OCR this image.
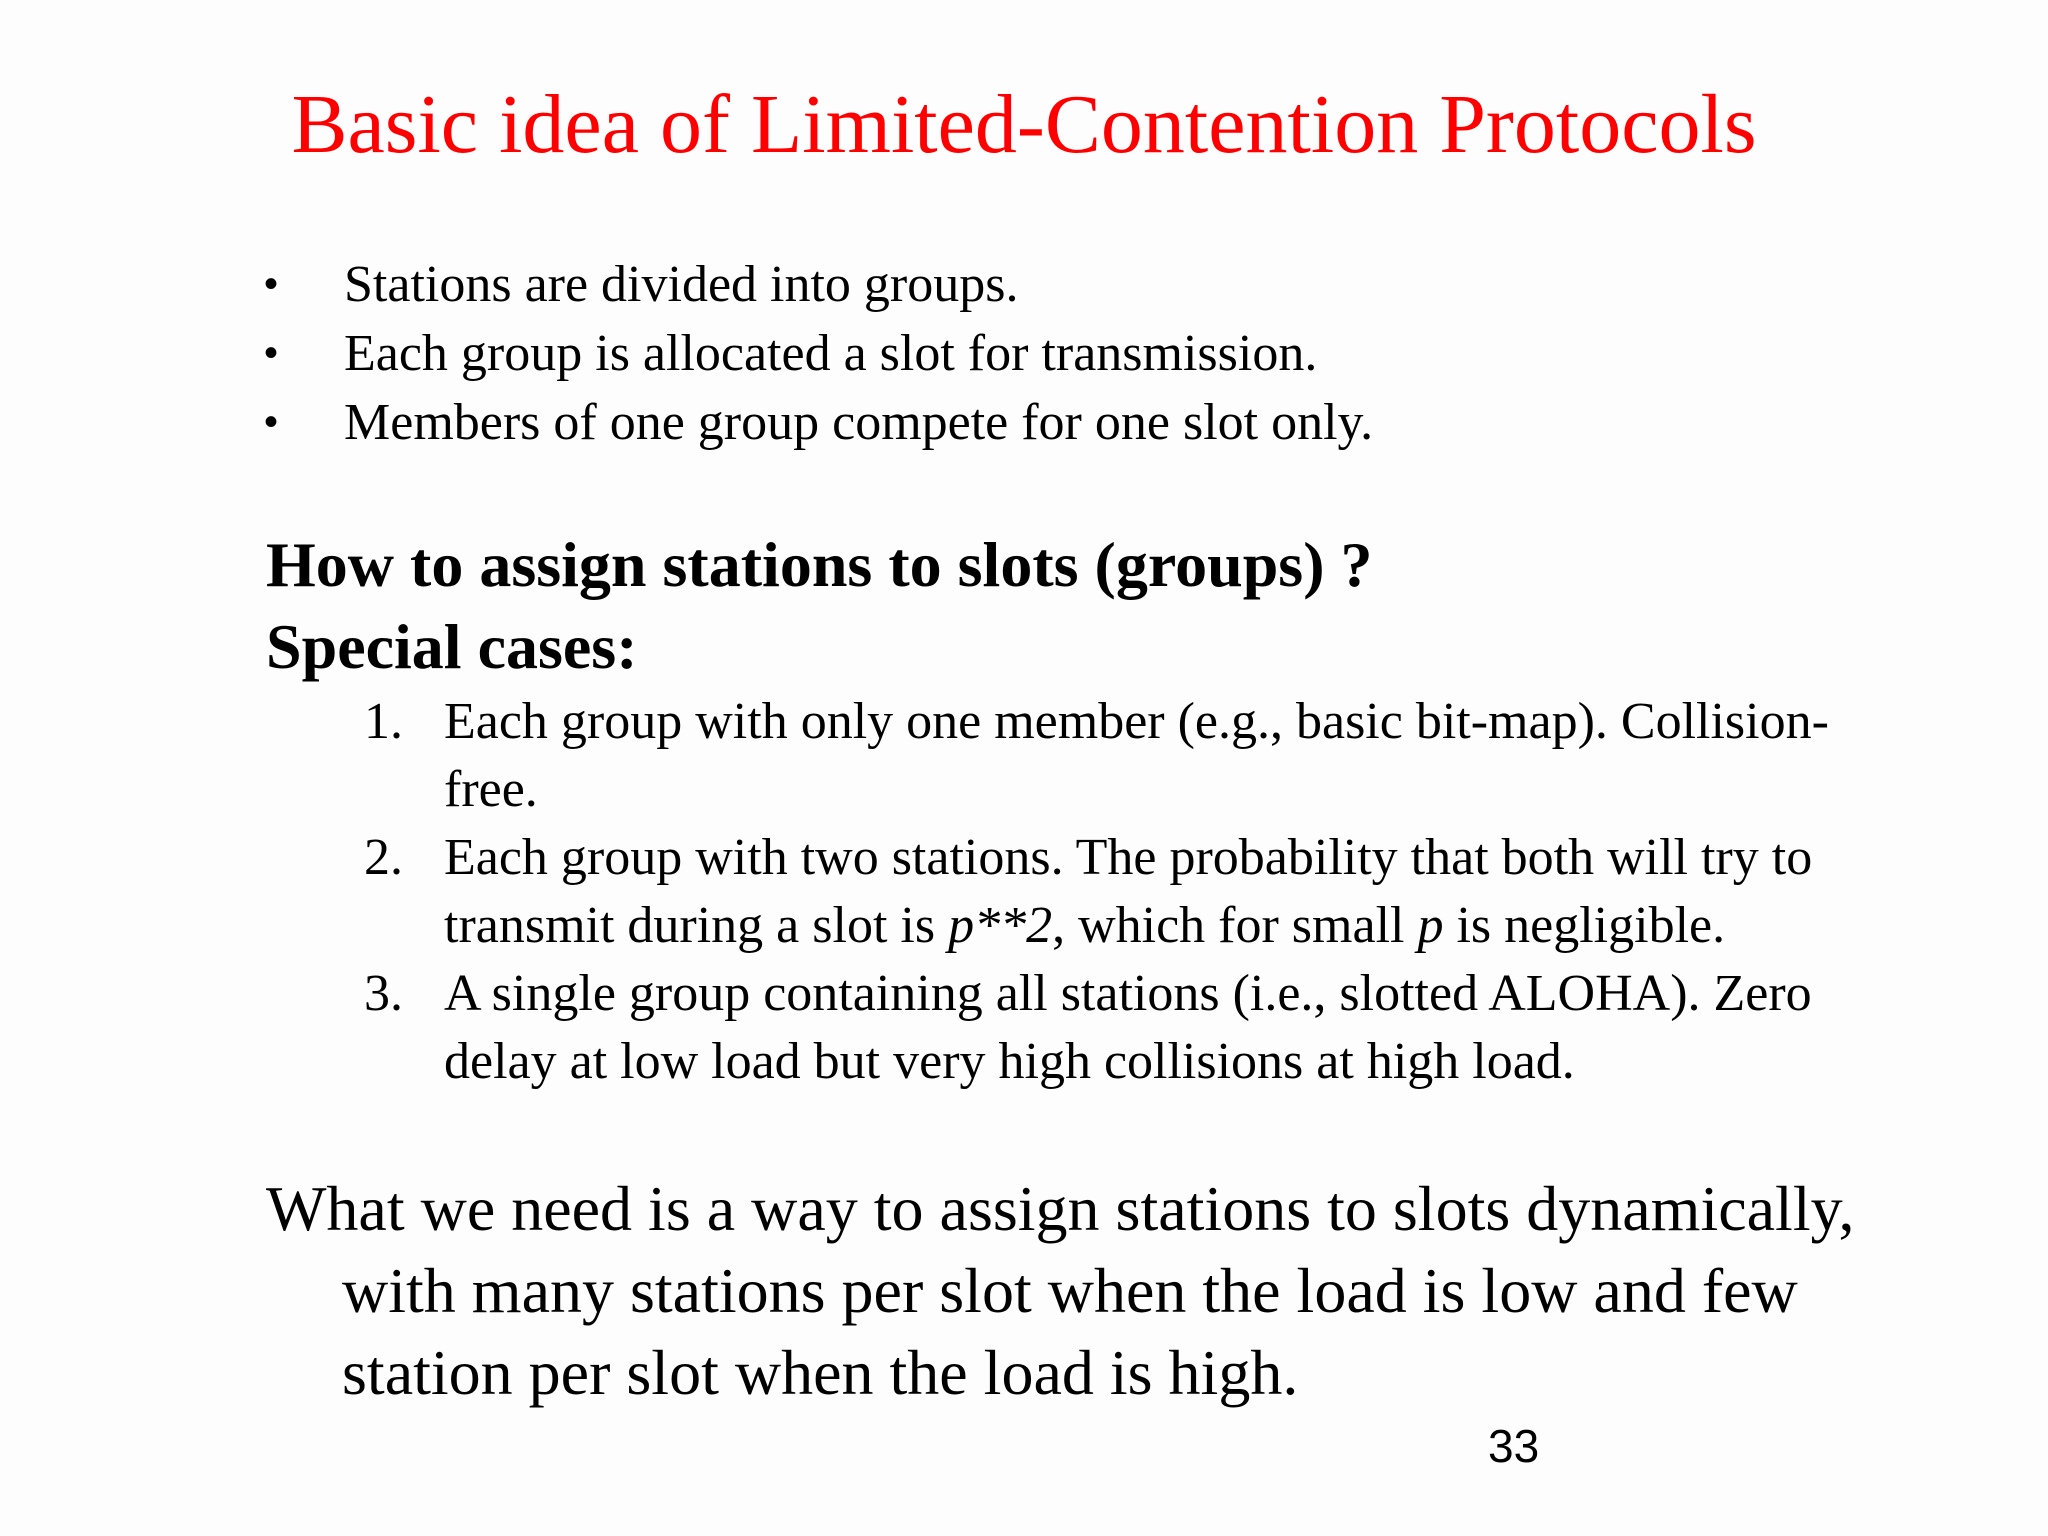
Basic idea of Limited-Contention Protocols
• Stations are divided into groups.
• Each group is allocated a slot for transmission.
• Members of one group compete for one slot only.
How to assign stations to slots (groups) ?
Special cases:
1. Each group with only one member (e.g., basic bit-map). Collision-
free.
2. Each group with two stations. The probability that both will try to
transmit during a slot is p**2, which for small p is negligible.
3. A single group containing all stations (i.e., slotted ALOHA). Zero
delay at low load but very high collisions at high load.
What we need is a way to assign stations to slots dynamically,
with many stations per slot when the load is low and few
station per slot when the load is high.
33
